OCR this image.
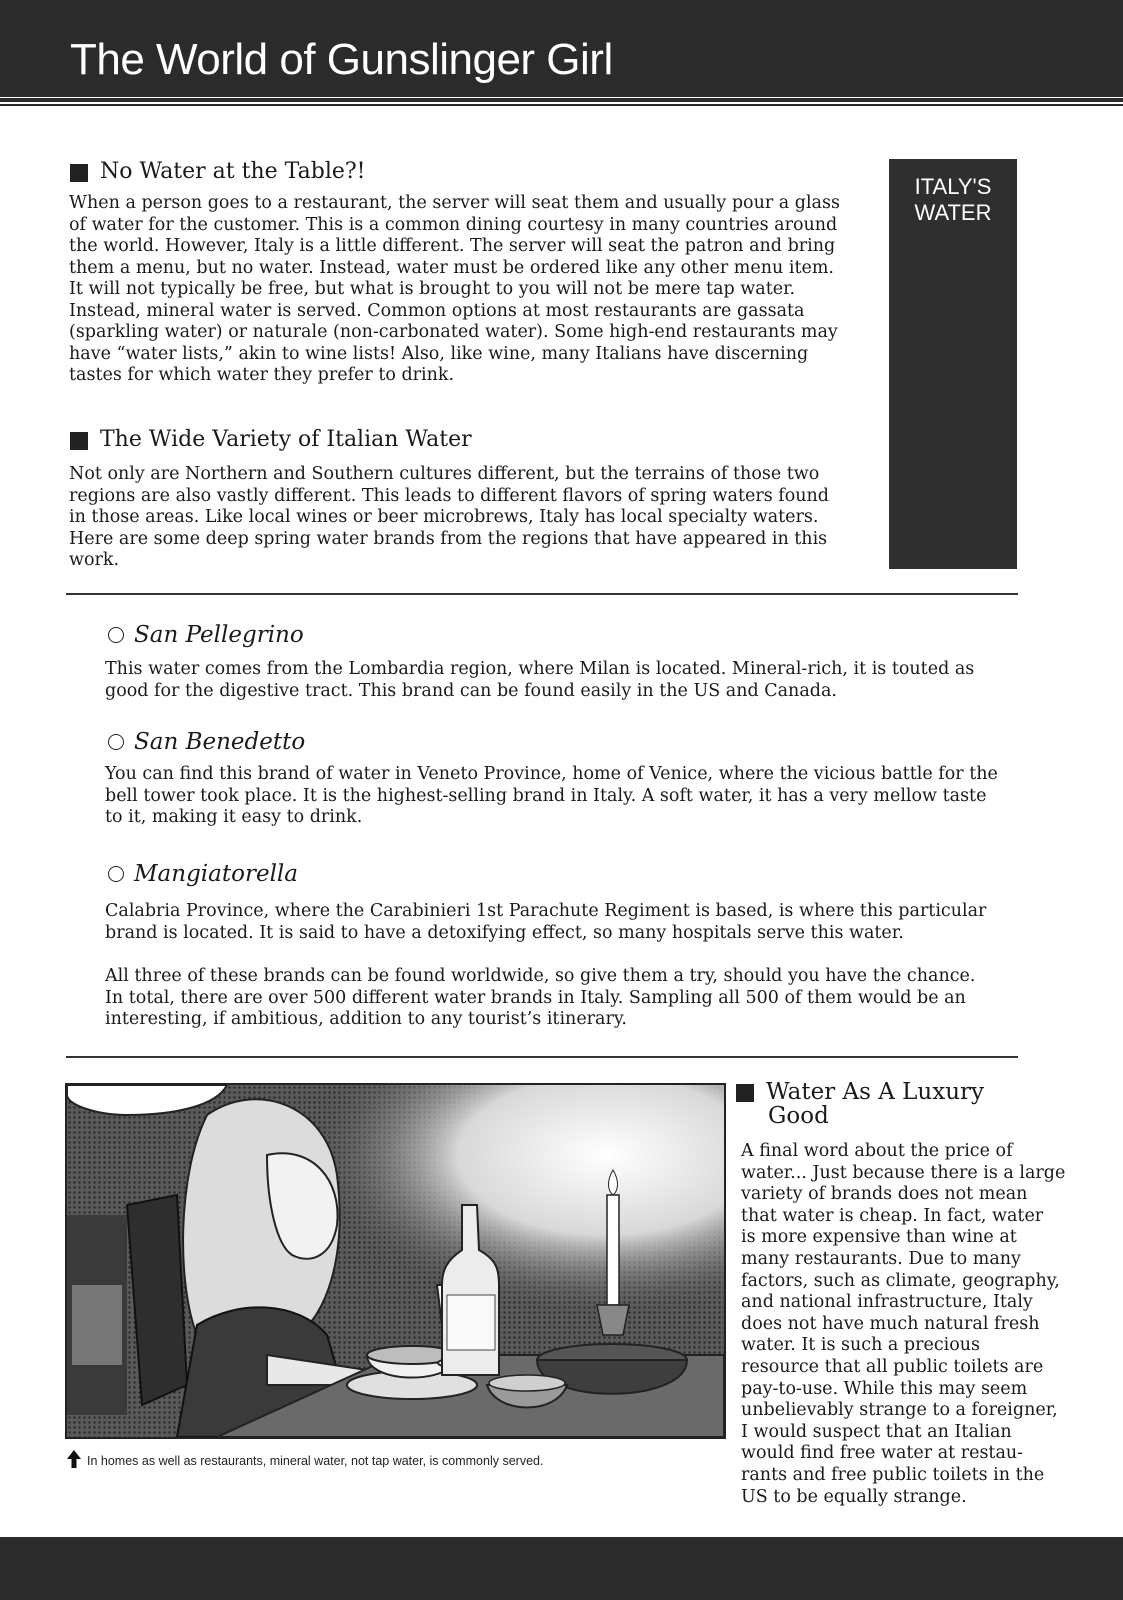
The World of Gunslinger Girl
ITALY'S
WATER
No Water at the Table?!
When a person goes to a restaurant, the server will seat them and usually pour a glass
of water for the customer. This is a common dining courtesy in many countries around
the world. However, Italy is a little different. The server will seat the patron and bring
them a menu, but no water. Instead, water must be ordered like any other menu item.
It will not typically be free, but what is brought to you will not be mere tap water.
Instead, mineral water is served. Common options at most restaurants are gassata
(sparkling water) or naturale (non-carbonated water). Some high-end restaurants may
have “water lists,” akin to wine lists! Also, like wine, many Italians have discerning
tastes for which water they prefer to drink.
The Wide Variety of Italian Water
Not only are Northern and Southern cultures different, but the terrains of those two
regions are also vastly different. This leads to different flavors of spring waters found
in those areas. Like local wines or beer microbrews, Italy has local specialty waters.
Here are some deep spring water brands from the regions that have appeared in this
work.
San Pellegrino
This water comes from the Lombardia region, where Milan is located. Mineral-rich, it is touted as
good for the digestive tract. This brand can be found easily in the US and Canada.
San Benedetto
You can find this brand of water in Veneto Province, home of Venice, where the vicious battle for the
bell tower took place. It is the highest-selling brand in Italy. A soft water, it has a very mellow taste
to it, making it easy to drink.
Mangiatorella
Calabria Province, where the Carabinieri 1st Parachute Regiment is based, is where this particular
brand is located. It is said to have a detoxifying effect, so many hospitals serve this water.
All three of these brands can be found worldwide, so give them a try, should you have the chance.
In total, there are over 500 different water brands in Italy. Sampling all 500 of them would be an
interesting, if ambitious, addition to any tourist’s itinerary.
In homes as well as restaurants, mineral water, not tap water, is commonly served.
Water As A Luxury
Good
A final word about the price of
water... Just because there is a large
variety of brands does not mean
that water is cheap. In fact, water
is more expensive than wine at
many restaurants. Due to many
factors, such as climate, geography,
and national infrastructure, Italy
does not have much natural fresh
water. It is such a precious
resource that all public toilets are
pay-to-use. While this may seem
unbelievably strange to a foreigner,
I would suspect that an Italian
would find free water at restau-
rants and free public toilets in the
US to be equally strange.
